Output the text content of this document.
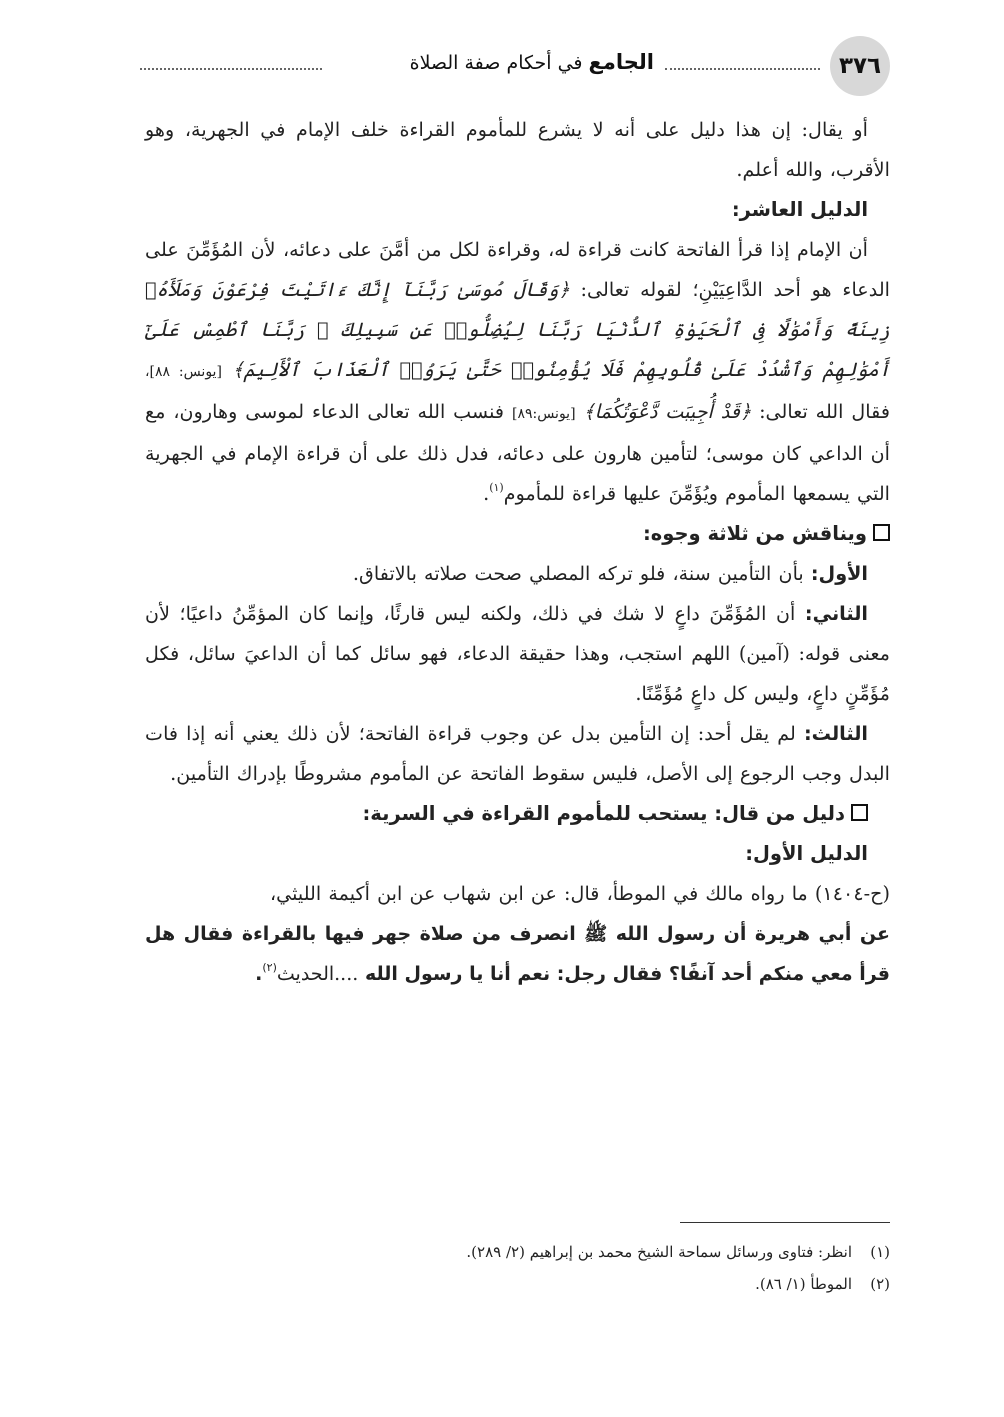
٣٧٦
الجامع في أحكام صفة الصلاة

أو يقال: إن هذا دليل على أنه لا يشرع للمأموم القراءة خلف الإمام في الجهرية، وهو الأقرب، والله أعلم.

الدليل العاشر:

أن الإمام إذا قرأ الفاتحة كانت قراءة له، وقراءة لكل من أمَّنَ على دعائه، لأن المُؤَمِّنَ على الدعاء هو أحد الدَّاعِيَيْنِ؛ لقوله تعالى: ﴿وَقَالَ مُوسَىٰ رَبَّنَآ إِنَّكَ ءَاتَيْتَ فِرْعَوْنَ وَمَلَأَهُۥ زِينَةً وَأَمْوَٰلًا فِى ٱلْحَيَوٰةِ ٱلدُّنْيَا رَبَّنَا لِيُضِلُّوا۟ عَن سَبِيلِكَ ۖ رَبَّنَا ٱطْمِسْ عَلَىٰٓ أَمْوَٰلِهِمْ وَٱشْدُدْ عَلَىٰ قُلُوبِهِمْ فَلَا يُؤْمِنُوا۟ حَتَّىٰ يَرَوُا۟ ٱلْعَذَابَ ٱلْأَلِيمَ﴾ [يونس: ٨٨]، فقال الله تعالى: ﴿قَدْ أُجِيبَت دَّعْوَتُكُمَا﴾ [يونس:٨٩] فنسب الله تعالى الدعاء لموسى وهارون، مع أن الداعي كان موسى؛ لتأمين هارون على دعائه، فدل ذلك على أن قراءة الإمام في الجهرية التي يسمعها المأموم ويُؤَمِّنَ عليها قراءة للمأموم$^{(١)}$.

ويناقش من ثلاثة وجوه:

الأول: بأن التأمين سنة، فلو تركه المصلي صحت صلاته بالاتفاق.

الثاني: أن المُؤَمِّنَ داعٍ لا شك في ذلك، ولكنه ليس قارئًا، وإنما كان المؤمِّنُ داعيًا؛ لأن معنى قوله: (آمين) اللهم استجب، وهذا حقيقة الدعاء، فهو سائل كما أن الداعيَ سائل، فكل مُؤَمِّنٍ داعٍ، وليس كل داعٍ مُؤَمِّنًا.

الثالث: لم يقل أحد: إن التأمين بدل عن وجوب قراءة الفاتحة؛ لأن ذلك يعني أنه إذا فات البدل وجب الرجوع إلى الأصل، فليس سقوط الفاتحة عن المأموم مشروطًا بإدراك التأمين.

دليل من قال: يستحب للمأموم القراءة في السرية:

الدليل الأول:

(ح-١٤٠٤) ما رواه مالك في الموطأ، قال: عن ابن شهاب عن ابن أكيمة الليثي،

عن أبي هريرة أن رسول الله ﷺ انصرف من صلاة جهر فيها بالقراءة فقال هل قرأ معي منكم أحد آنفًا؟ فقال رجل: نعم أنا يا رسول الله ....الحديث$^{(٢)}$.

(١)انظر: فتاوى ورسائل سماحة الشيخ محمد بن إبراهيم (٢/ ٢٨٩).

(٢)الموطأ (١/ ٨٦).
